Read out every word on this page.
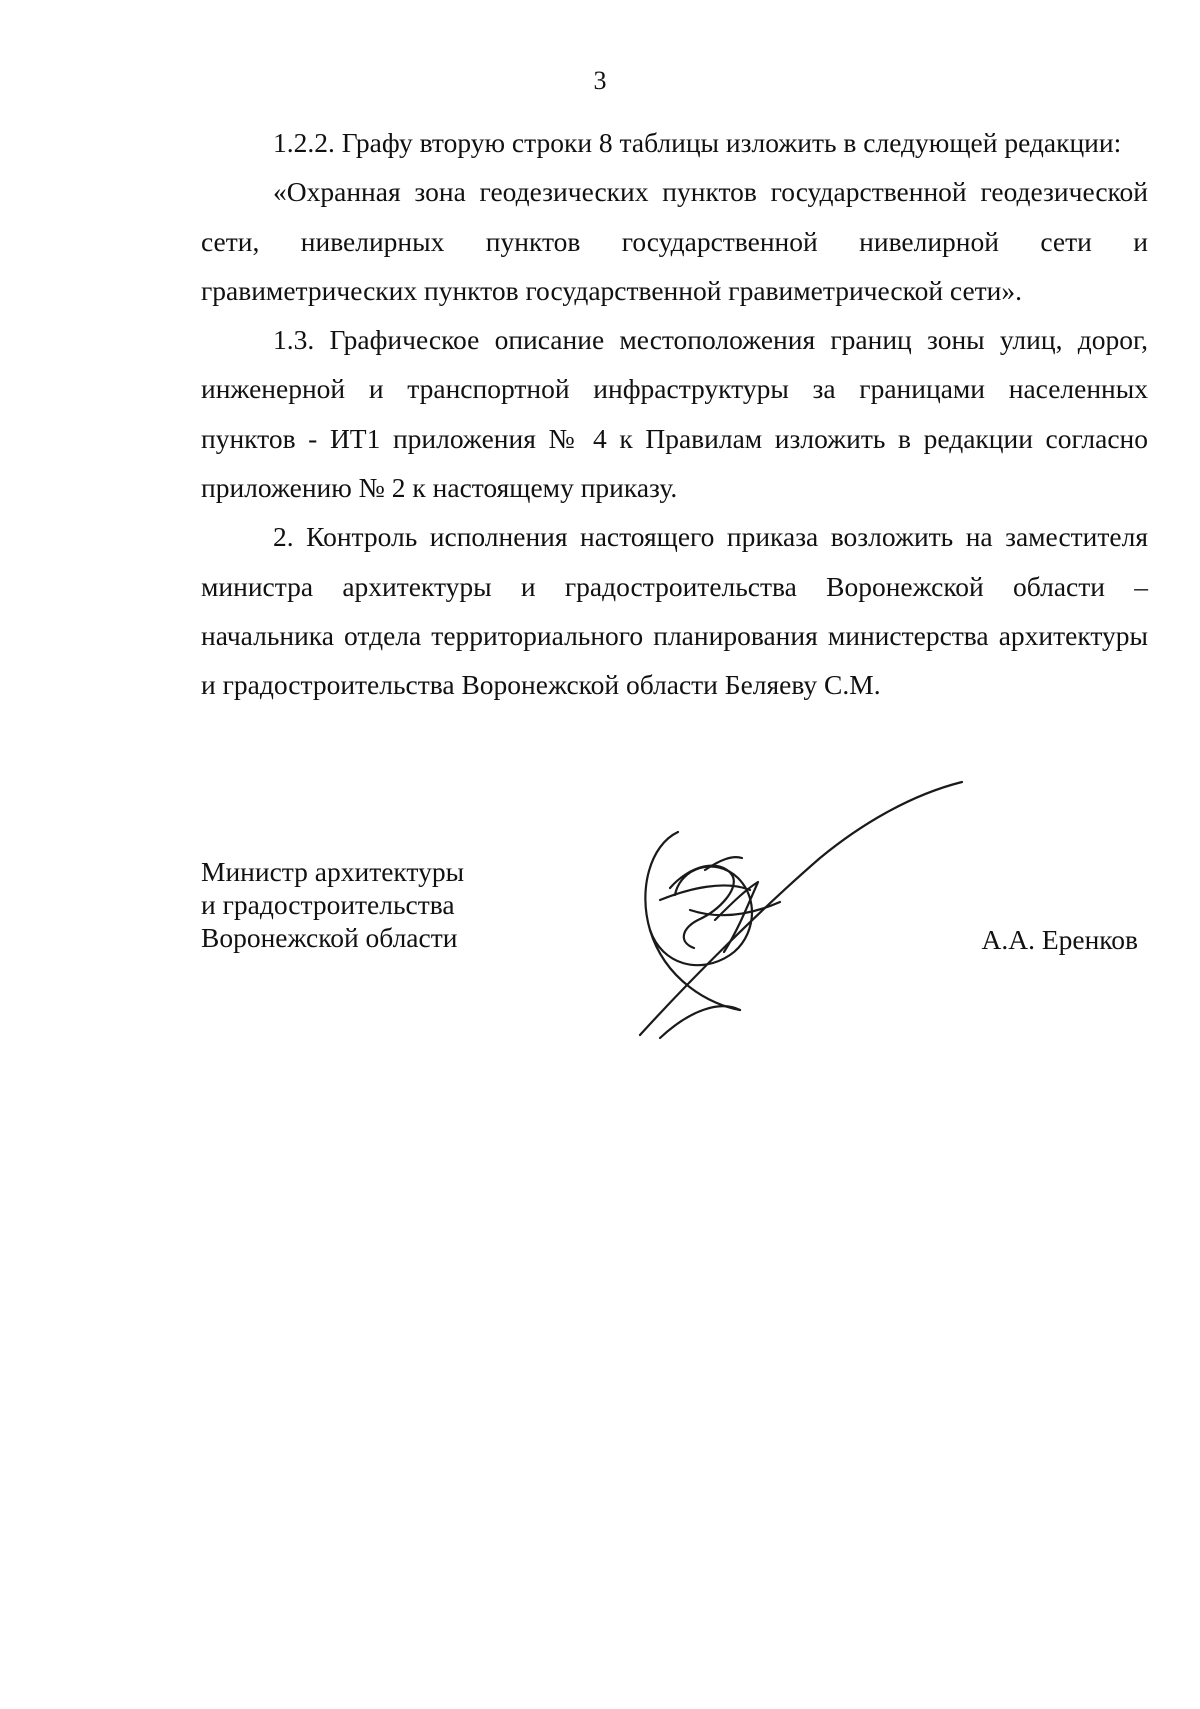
3

1.2.2. Графу вторую строки 8 таблицы изложить в следующей редакции:

«Охранная зона геодезических пунктов государственной геодезической сети, нивелирных пунктов государственной нивелирной сети и гравиметрических пунктов государственной гравиметрической сети».

1.3. Графическое описание местоположения границ зоны улиц, дорог, инженерной и транспортной инфраструктуры за границами населенных пунктов - ИТ1 приложения № 4 к Правилам изложить в редакции согласно приложению № 2 к настоящему приказу.

2. Контроль исполнения настоящего приказа возложить на заместителя министра архитектуры и градостроительства Воронежской области – начальника отдела территориального планирования министерства архитектуры и градостроительства Воронежской области Беляеву С.М.

Министр архитектуры
и градостроительства
Воронежской области	А.А. Еренков
